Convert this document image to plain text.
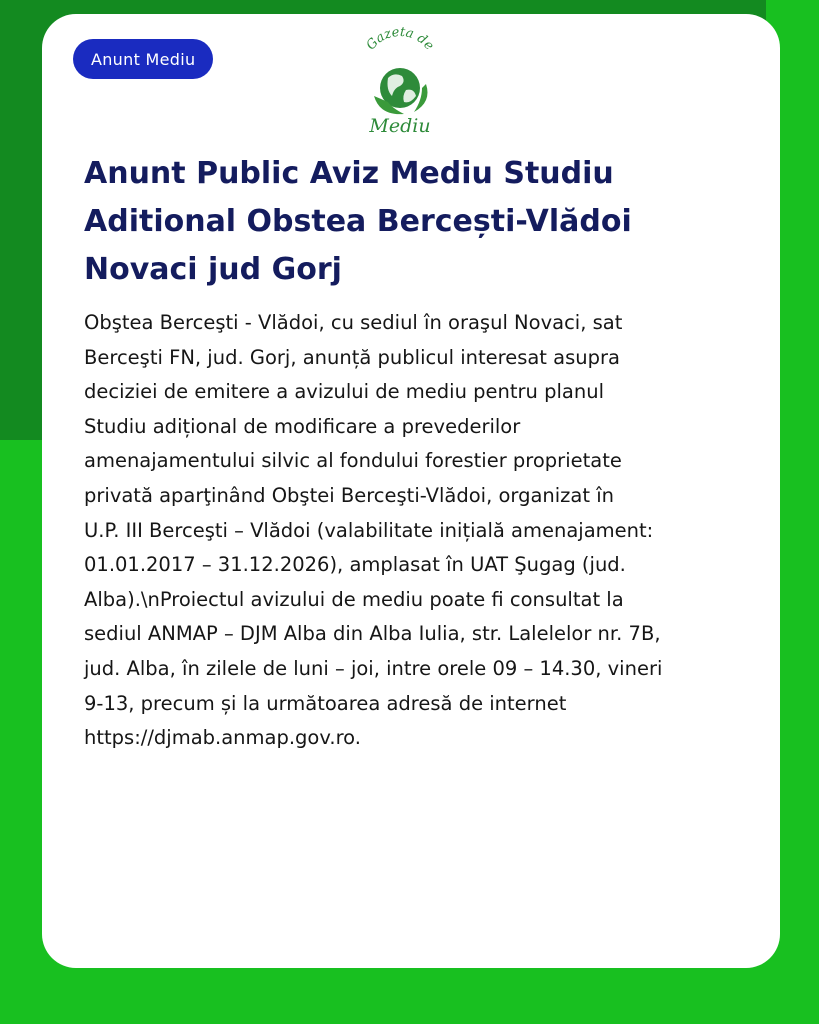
Anunt Mediu
Gazeta de
Mediu
Anunt Public Aviz Mediu Studiu Aditional Obstea Bercești-Vlădoi Novaci jud Gorj

Obştea Berceşti - Vlădoi, cu sediul în oraşul Novaci, sat
Berceşti FN, jud. Gorj, anunță publicul interesat asupra
deciziei de emitere a avizului de mediu pentru planul
Studiu adițional de modificare a prevederilor
amenajamentului silvic al fondului forestier proprietate
privată aparţinând Obştei Berceşti-Vlădoi, organizat în
U.P. III Berceşti – Vlădoi (valabilitate inițială amenajament:
01.01.2017 – 31.12.2026), amplasat în UAT Şugag (jud.
Alba).\nProiectul avizului de mediu poate fi consultat la
sediul ANMAP – DJM Alba din Alba Iulia, str. Lalelelor nr. 7B,
jud. Alba, în zilele de luni – joi, intre orele 09 – 14.30, vineri
9-13, precum și la următoarea adresă de internet
https://djmab.anmap.gov.ro.
